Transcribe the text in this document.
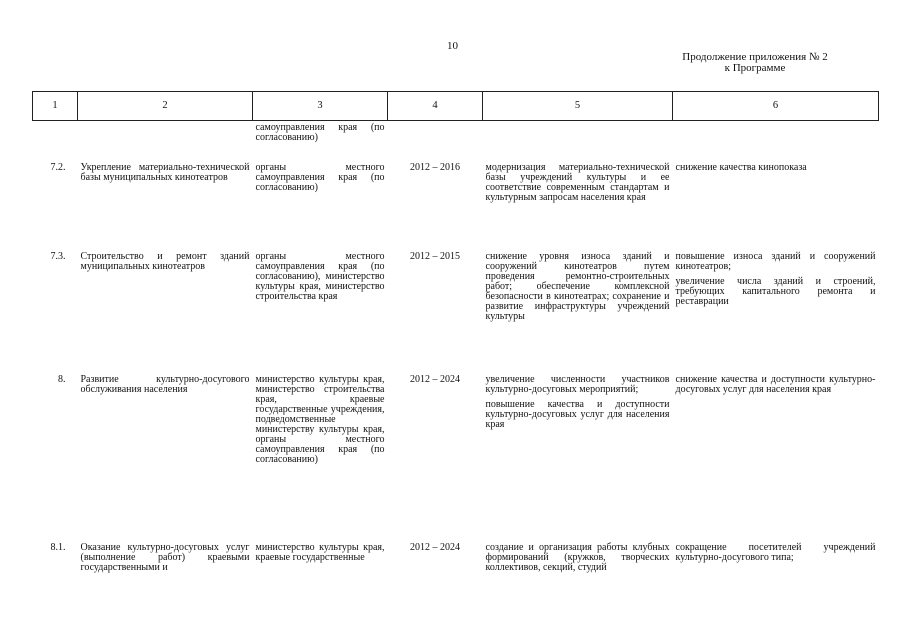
10
Продолжение приложения № 2
к Программе
1	2	3	4	5	6
		самоуправления края (по согласованию)			
7.2.	Укрепление материально-технической базы муниципальных кинотеатров	органы местного самоуправления края (по согласованию)	2012 – 2016	модернизация материально-технической базы учреждений культуры и ее соответствие современным стандартам и культурным запросам населения края	снижение качества кинопоказа

7.3.	Строительство и ремонт зданий муниципальных кинотеатров	органы местного самоуправления края (по согласованию), министерство культуры края, министерство строительства края	2012 – 2015	снижение уровня износа зданий и сооружений кинотеатров путем проведения ремонтно-строительных работ; обеспечение комплексной безопасности в кинотеатрах; сохранение и развитие инфраструктуры учреждений культуры	повышение износа зданий и сооружений кинотеатров;

увеличение числа зданий и строений, требующих капитального ремонта и реставрации

8.	Развитие культурно-досугового обслуживания населения	министерство культуры края, министерство строительства края, краевые государственные учреждения, подведомственные министерству культуры края, органы местного самоуправления края (по согласованию)	2012 – 2024	увеличение численности участников культурно-досуговых мероприятий;

повышение качества и доступности культурно-досуговых услуг для населения края	снижение качества и доступности культурно-досуговых услуг для населения края

8.1.	Оказание культурно-досуговых услуг (выполнение работ) краевыми государственными и	министерство культуры края, краевые государственные	2012 – 2024	создание и организация работы клубных формирований (кружков, творческих коллективов, секций, студий	сокращение посетителей учреждений культурно-досугового типа;
